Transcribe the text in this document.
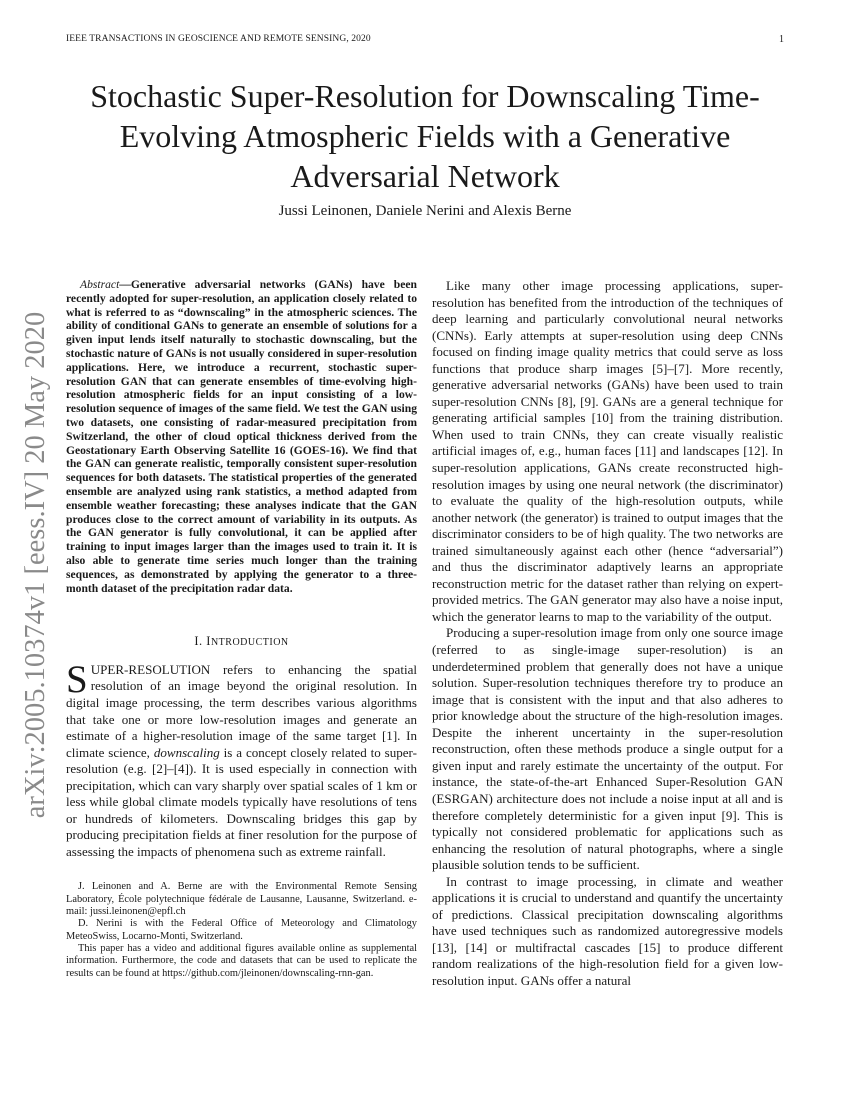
IEEE TRANSACTIONS IN GEOSCIENCE AND REMOTE SENSING, 2020	1
arXiv:2005.10374v1 [eess.IV] 20 May 2020
Stochastic Super-Resolution for Downscaling Time-Evolving Atmospheric Fields with a Generative Adversarial Network
Jussi Leinonen, Daniele Nerini and Alexis Berne

Abstract—Generative adversarial networks (GANs) have been recently adopted for super-resolution, an application closely related to what is referred to as “downscaling” in the atmospheric sciences. The ability of conditional GANs to generate an ensemble of solutions for a given input lends itself naturally to stochastic downscaling, but the stochastic nature of GANs is not usually considered in super-resolution applications. Here, we introduce a recurrent, stochastic super-resolution GAN that can generate ensembles of time-evolving high-resolution atmospheric fields for an input consisting of a low-resolution sequence of images of the same field. We test the GAN using two datasets, one consisting of radar-measured precipitation from Switzerland, the other of cloud optical thickness derived from the Geostationary Earth Observing Satellite 16 (GOES-16). We find that the GAN can generate realistic, temporally consistent super-resolution sequences for both datasets. The statistical properties of the generated ensemble are analyzed using rank statistics, a method adapted from ensemble weather forecasting; these analyses indicate that the GAN produces close to the correct amount of variability in its outputs. As the GAN generator is fully convolutional, it can be applied after training to input images larger than the images used to train it. It is also able to generate time series much longer than the training sequences, as demonstrated by applying the generator to a three-month dataset of the precipitation radar data.

I. INTRODUCTION

SUPER-RESOLUTION refers to enhancing the spatial resolution of an image beyond the original resolution. In digital image processing, the term describes various algorithms that take one or more low-resolution images and generate an estimate of a higher-resolution image of the same target [1]. In climate science, downscaling is a concept closely related to super-resolution (e.g. [2]–[4]). It is used especially in connection with precipitation, which can vary sharply over spatial scales of 1 km or less while global climate models typically have resolutions of tens or hundreds of kilometers. Downscaling bridges this gap by producing precipitation fields at finer resolution for the purpose of assessing the impacts of phenomena such as extreme rainfall.

J. Leinonen and A. Berne are with the Environmental Remote Sensing Laboratory, École polytechnique fédérale de Lausanne, Lausanne, Switzerland. e-mail: jussi.leinonen@epfl.ch

D. Nerini is with the Federal Office of Meteorology and Climatology MeteoSwiss, Locarno-Monti, Switzerland.

This paper has a video and additional figures available online as supplemental information. Furthermore, the code and datasets that can be used to replicate the results can be found at https://github.com/jleinonen/downscaling-rnn-gan.

Like many other image processing applications, super-resolution has benefited from the introduction of the techniques of deep learning and particularly convolutional neural networks (CNNs). Early attempts at super-resolution using deep CNNs focused on finding image quality metrics that could serve as loss functions that produce sharp images [5]–[7]. More recently, generative adversarial networks (GANs) have been used to train super-resolution CNNs [8], [9]. GANs are a general technique for generating artificial samples [10] from the training distribution. When used to train CNNs, they can create visually realistic artificial images of, e.g., human faces [11] and landscapes [12]. In super-resolution applications, GANs create reconstructed high-resolution images by using one neural network (the discriminator) to evaluate the quality of the high-resolution outputs, while another network (the generator) is trained to output images that the discriminator considers to be of high quality. The two networks are trained simultaneously against each other (hence “adversarial”) and thus the discriminator adaptively learns an appropriate reconstruction metric for the dataset rather than relying on expert-provided metrics. The GAN generator may also have a noise input, which the generator learns to map to the variability of the output.

Producing a super-resolution image from only one source image (referred to as single-image super-resolution) is an underdetermined problem that generally does not have a unique solution. Super-resolution techniques therefore try to produce an image that is consistent with the input and that also adheres to prior knowledge about the structure of the high-resolution images. Despite the inherent uncertainty in the super-resolution reconstruction, often these methods produce a single output for a given input and rarely estimate the uncertainty of the output. For instance, the state-of-the-art Enhanced Super-Resolution GAN (ESRGAN) architecture does not include a noise input at all and is therefore completely deterministic for a given input [9]. This is typically not considered problematic for applications such as enhancing the resolution of natural photographs, where a single plausible solution tends to be sufficient.

In contrast to image processing, in climate and weather applications it is crucial to understand and quantify the uncertainty of predictions. Classical precipitation downscaling algorithms have used techniques such as randomized autoregressive models [13], [14] or multifractal cascades [15] to produce different random realizations of the high-resolution field for a given low-resolution input. GANs offer a natural
